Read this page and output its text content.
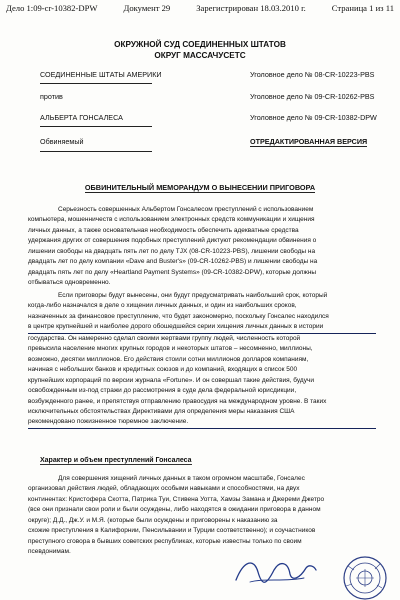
Дело 1:09-cr-10382-DPW	Документ 29	Зарегистрирован 18.03.2010 г.	Страница 1 из 11
ОКРУЖНОЙ СУД СОЕДИНЕННЫХ ШТАТОВ
ОКРУГ МАССАЧУСЕТС
СОЕДИНЕННЫЕ ШТАТЫ АМЕРИКИ	Уголовное дело № 08-CR-10223-PBS
против	Уголовное дело № 09-CR-10262-PBS
АЛЬБЕРТА ГОНСАЛЕСА	Уголовное дело № 09-CR-10382-DPW
Обвиняемый	ОТРЕДАКТИРОВАННАЯ ВЕРСИЯ
ОБВИНИТЕЛЬНЫЙ МЕМОРАНДУМ О ВЫНЕСЕНИИ ПРИГОВОРА
Серьезность совершенных Альбертом Гонсалесом преступлений с использованием
компьютера, мошенничеств с использованием электронных средств коммуникации и хищения
личных данных, а также основательная необходимость обеспечить адекватные средства
удержания других от совершения подобных преступлений диктуют рекомендации обвинения о
лишении свободы на двадцать пять лет по делу TJX (08-CR-10223-PBS), лишении свободы на
двадцать лет по делу компании «Dave and Buster's» (09-CR-10262-PBS) и лишении свободы на
двадцать пять лет по делу «Heartland Payment Systems» (09-CR-10382-DPW), которые должны
отбываться одновременно.
Если приговоры будут вынесены, они будут предусматривать наибольший срок, который
когда-либо назначался в деле о хищении личных данных, и один из наибольших сроков,
назначенных за финансовое преступление, что будет закономерно, поскольку Гонсалес находился
в центре крупнейшей и наиболее дорого обошедшейся серии хищения личных данных в истории
государства. Он намеренно сделал своими жертвами группу людей, численность которой
превысила население многих крупных городов и некоторых штатов – несомненно, миллионы,
возможно, десятки миллионов. Его действия стоили сотни миллионов долларов компаниям,
начиная с небольших банков и кредитных союзов и до компаний, входящих в список 500
крупнейших корпораций по версии журнала «Fortune». И он совершал такие действия, будучи
освобожденным из-под стражи до рассмотрения в суде дела федеральной юрисдикции,
возбужденного ранее, и препятствуя отправлению правосудия на международном уровне. В таких
исключительных обстоятельствах Директивами для определения меры наказания США
рекомендовано пожизненное тюремное заключение.
Характер и объем преступлений Гонсалеса
Для совершения хищений личных данных в таком огромном масштабе, Гонсалес
организовал действия людей, обладающих особыми навыками и способностями, на двух
континентах: Кристофера Скотта, Патрика Туи, Стивена Уотта, Хамзы Замана и Джереми Джетро
(все они признали свои роли и были осуждены, либо находятся в ожидании приговора в данном
округе); Д.Д., Дж.У. и М.Я. (которые были осуждены и приговорены к наказанию за
схожие преступления в Калифорнии, Пенсильвании и Турции соответственно); и соучастников
преступного сговора в бывших советских республиках, которые известны только по своим
псевдонимам.
